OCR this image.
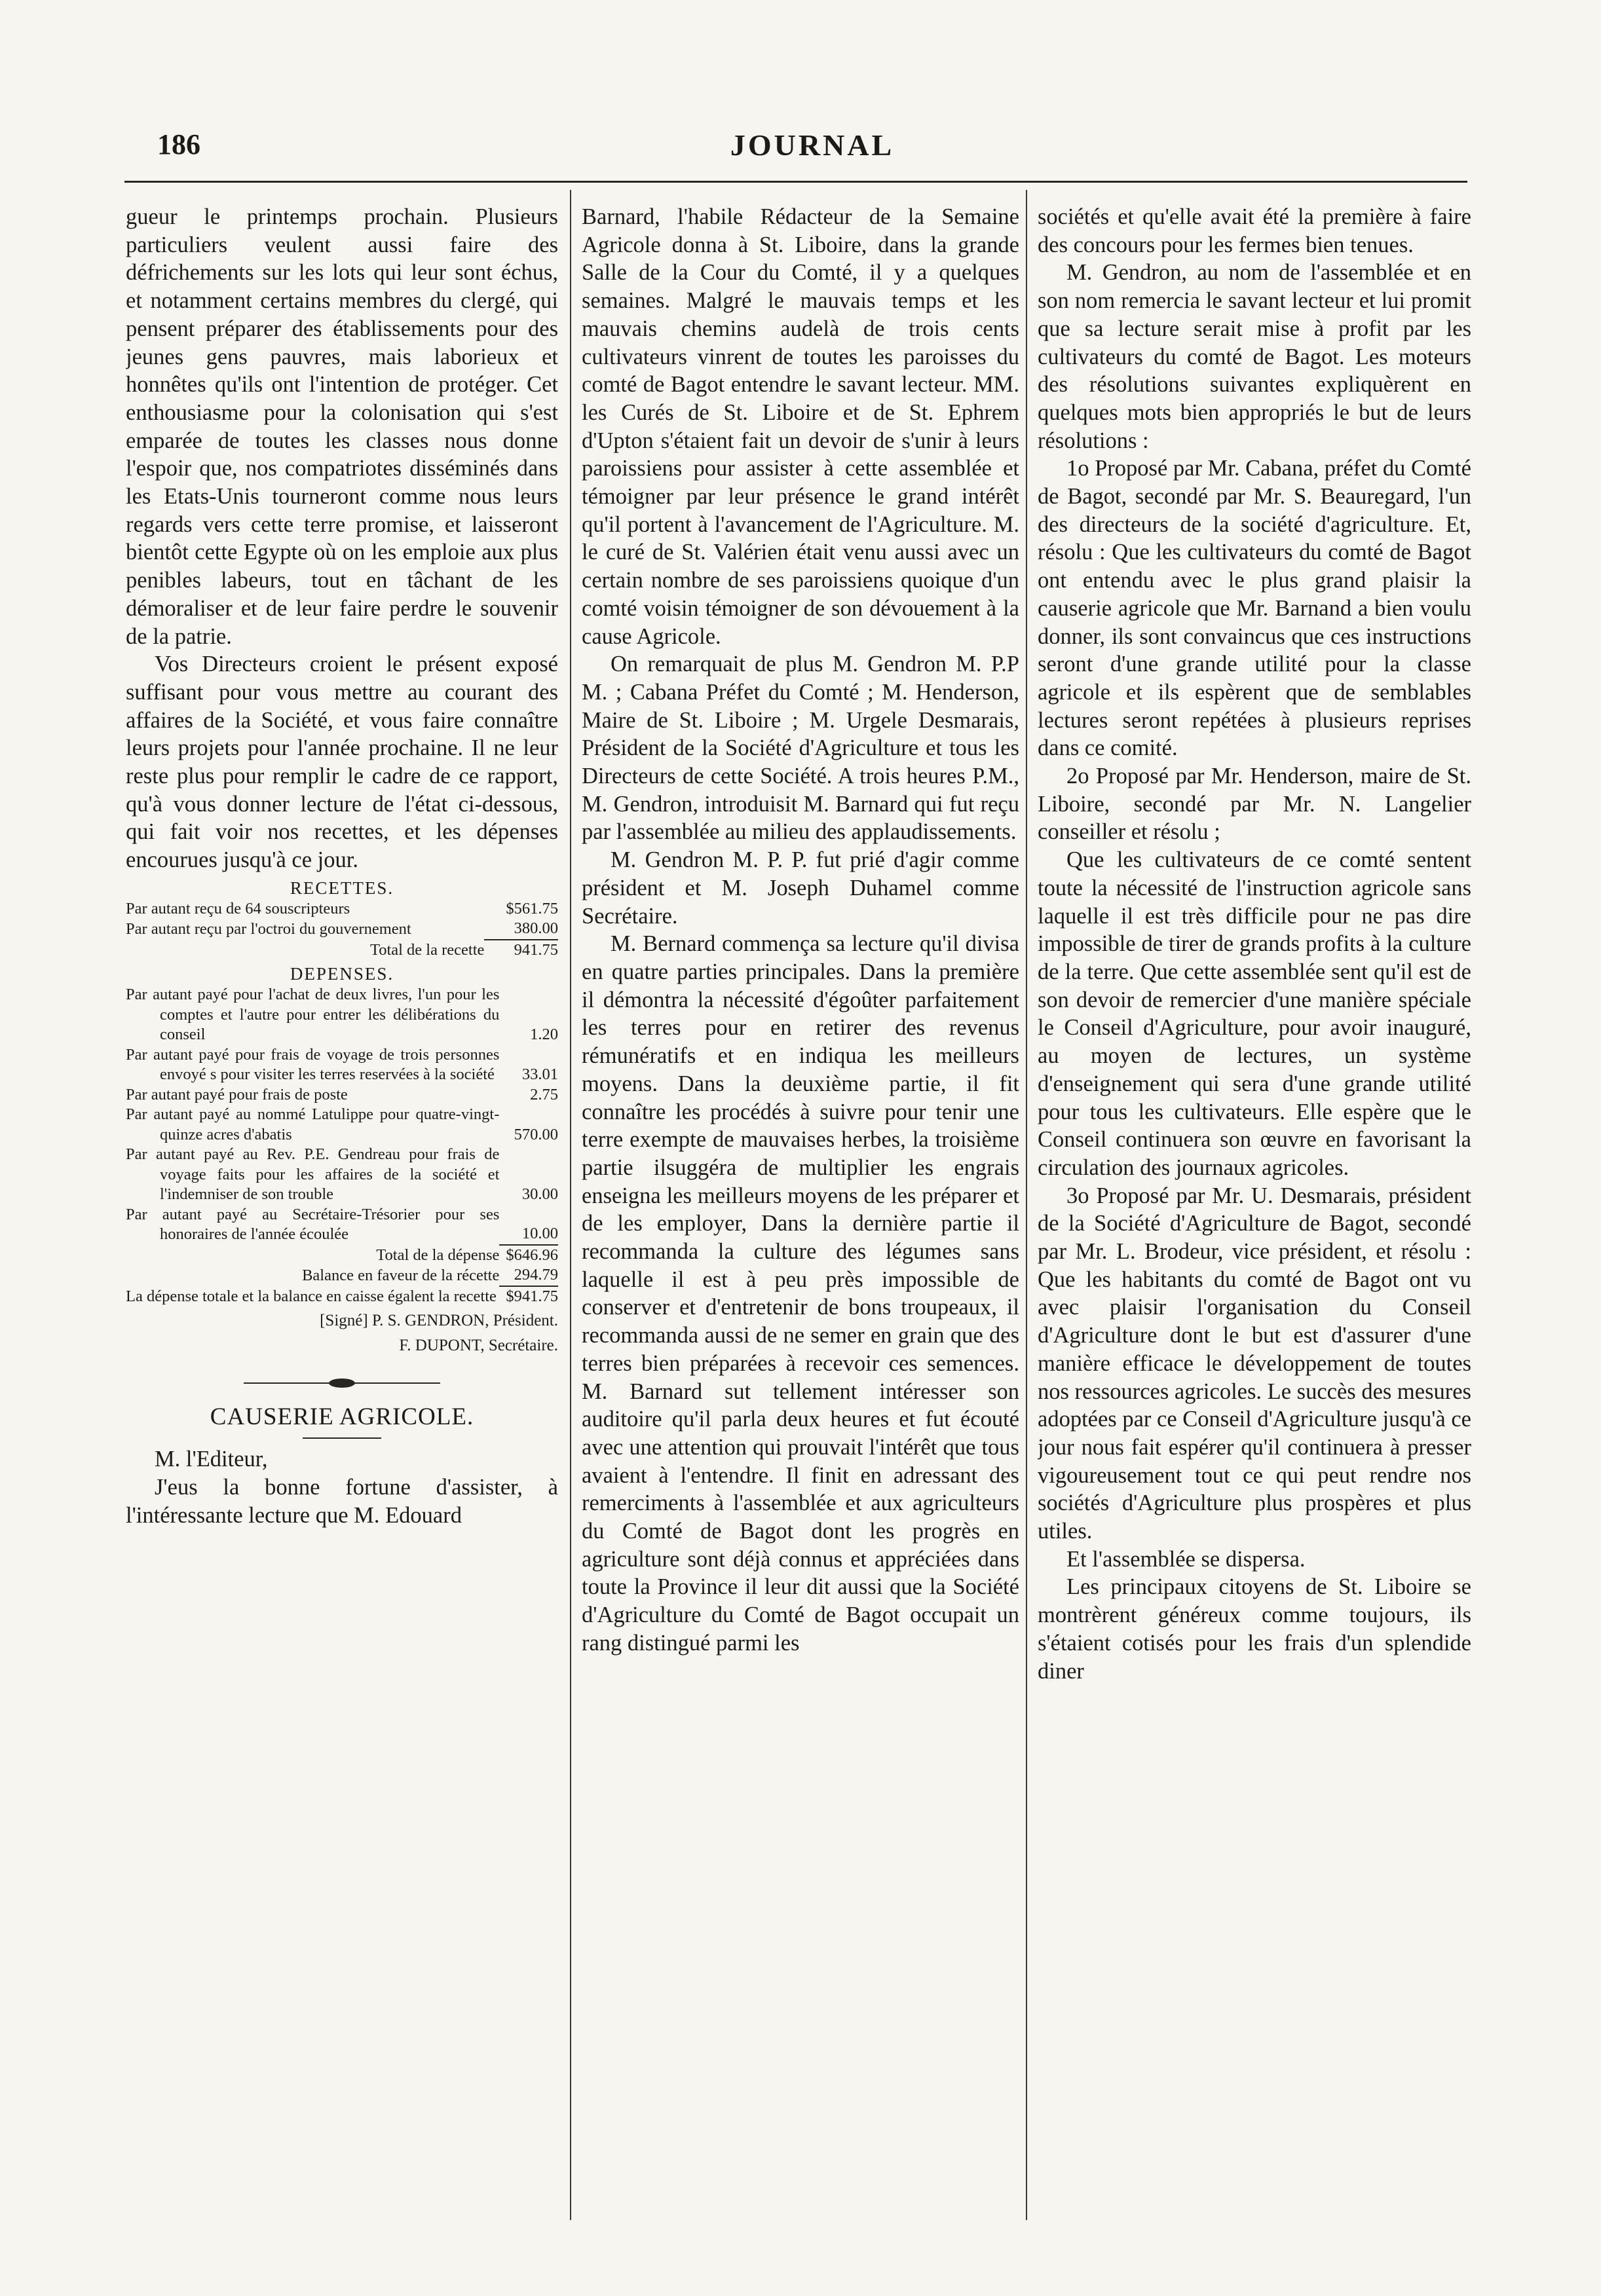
186	JOURNAL

gueur le printemps prochain. Plusieurs particuliers veulent aussi faire des défrichements sur les lots qui leur sont échus, et notamment certains membres du clergé, qui pensent préparer des établissements pour des jeunes gens pauvres, mais laborieux et honnêtes qu'ils ont l'intention de protéger. Cet enthousiasme pour la colonisation qui s'est emparée de toutes les classes nous donne l'espoir que, nos compatriotes disséminés dans les Etats-Unis tourneront comme nous leurs regards vers cette terre promise, et laisseront bientôt cette Egypte où on les emploie aux plus penibles labeurs, tout en tâchant de les démoraliser et de leur faire perdre le souvenir de la patrie.

Vos Directeurs croient le présent exposé suffisant pour vous mettre au courant des affaires de la Société, et vous faire connaître leurs projets pour l'année prochaine. Il ne leur reste plus pour remplir le cadre de ce rapport, qu'à vous donner lecture de l'état ci-dessous, qui fait voir nos recettes, et les dépenses encourues jusqu'à ce jour.

RECETTES.
Par autant reçu de 64 souscripteurs	$561.75
Par autant reçu par l'octroi du gouvernement	380.00
Total de la recette	941.75
DEPENSES.
Par autant payé pour l'achat de deux livres, l'un pour les comptes et l'autre pour entrer les délibérations du conseil	1.20
Par autant payé pour frais de voyage de trois personnes envoyé s pour visiter les terres reservées à la société	33.01
Par autant payé pour frais de poste	2.75
Par autant payé au nommé Latulippe pour quatre-vingt-quinze acres d'abatis	570.00
Par autant payé au Rev. P.E. Gendreau pour frais de voyage faits pour les affaires de la société et l'indemniser de son trouble	30.00
Par autant payé au Secrétaire-Trésorier pour ses honoraires de l'année écoulée	10.00
Total de la dépense	$646.96
Balance en faveur de la récette	294.79
La dépense totale et la balance en caisse égalent la recette	$941.75
[Signé] P. S. GENDRON, Président.
F. DUPONT, Secrétaire.
CAUSERIE AGRICOLE.

M. l'Editeur,

J'eus la bonne fortune d'assister, à l'intéressante lecture que M. Edouard

Barnard, l'habile Rédacteur de la Semaine Agricole donna à St. Liboire, dans la grande Salle de la Cour du Comté, il y a quelques semaines. Malgré le mauvais temps et les mauvais chemins audelà de trois cents cultivateurs vinrent de toutes les paroisses du comté de Bagot entendre le savant lecteur. MM. les Curés de St. Liboire et de St. Ephrem d'Upton s'étaient fait un devoir de s'unir à leurs paroissiens pour assister à cette assemblée et témoigner par leur présence le grand intérêt qu'il portent à l'avancement de l'Agriculture. M. le curé de St. Valérien était venu aussi avec un certain nombre de ses paroissiens quoique d'un comté voisin témoigner de son dévouement à la cause Agricole.

On remarquait de plus M. Gendron M. P.P M. ; Cabana Préfet du Comté ; M. Henderson, Maire de St. Liboire ; M. Urgele Desmarais, Président de la Société d'Agriculture et tous les Directeurs de cette Société. A trois heures P.M., M. Gendron, introduisit M. Barnard qui fut reçu par l'assemblée au milieu des applaudissements.

M. Gendron M. P. P. fut prié d'agir comme président et M. Joseph Duhamel comme Secrétaire.

M. Bernard commença sa lecture qu'il divisa en quatre parties principales. Dans la première il démontra la nécessité d'égoûter parfaitement les terres pour en retirer des revenus rémunératifs et en indiqua les meilleurs moyens. Dans la deuxième partie, il fit connaître les procédés à suivre pour tenir une terre exempte de mauvaises herbes, la troisième partie ilsuggéra de multiplier les engrais enseigna les meilleurs moyens de les préparer et de les employer, Dans la dernière partie il recommanda la culture des légumes sans laquelle il est à peu près impossible de conserver et d'entretenir de bons troupeaux, il recommanda aussi de ne semer en grain que des terres bien préparées à recevoir ces semences. M. Barnard sut tellement intéresser son auditoire qu'il parla deux heures et fut écouté avec une attention qui prouvait l'intérêt que tous avaient à l'entendre. Il finit en adressant des remerciments à l'assemblée et aux agriculteurs du Comté de Bagot dont les progrès en agriculture sont déjà connus et appréciées dans toute la Province il leur dit aussi que la Société d'Agriculture du Comté de Bagot occupait un rang distingué parmi les

sociétés et qu'elle avait été la première à faire des concours pour les fermes bien tenues.

M. Gendron, au nom de l'assemblée et en son nom remercia le savant lecteur et lui promit que sa lecture serait mise à profit par les cultivateurs du comté de Bagot. Les moteurs des résolutions suivantes expliquèrent en quelques mots bien appropriés le but de leurs résolutions :

1o Proposé par Mr. Cabana, préfet du Comté de Bagot, secondé par Mr. S. Beauregard, l'un des directeurs de la société d'agriculture. Et, résolu : Que les cultivateurs du comté de Bagot ont entendu avec le plus grand plaisir la causerie agricole que Mr. Barnand a bien voulu donner, ils sont convaincus que ces instructions seront d'une grande utilité pour la classe agricole et ils espèrent que de semblables lectures seront repétées à plusieurs reprises dans ce comité.

2o Proposé par Mr. Henderson, maire de St. Liboire, secondé par Mr. N. Langelier conseiller et résolu ;

Que les cultivateurs de ce comté sentent toute la nécessité de l'instruction agricole sans laquelle il est très difficile pour ne pas dire impossible de tirer de grands profits à la culture de la terre. Que cette assemblée sent qu'il est de son devoir de remercier d'une manière spéciale le Conseil d'Agriculture, pour avoir inauguré, au moyen de lectures, un système d'enseignement qui sera d'une grande utilité pour tous les cultivateurs. Elle espère que le Conseil continuera son œuvre en favorisant la circulation des journaux agricoles.

3o Proposé par Mr. U. Desmarais, président de la Société d'Agriculture de Bagot, secondé par Mr. L. Brodeur, vice président, et résolu : Que les habitants du comté de Bagot ont vu avec plaisir l'organisation du Conseil d'Agriculture dont le but est d'assurer d'une manière efficace le développement de toutes nos ressources agricoles. Le succès des mesures adoptées par ce Conseil d'Agriculture jusqu'à ce jour nous fait espérer qu'il continuera à presser vigoureusement tout ce qui peut rendre nos sociétés d'Agriculture plus prospères et plus utiles.

Et l'assemblée se dispersa.

Les principaux citoyens de St. Liboire se montrèrent généreux comme toujours, ils s'étaient cotisés pour les frais d'un splendide diner
